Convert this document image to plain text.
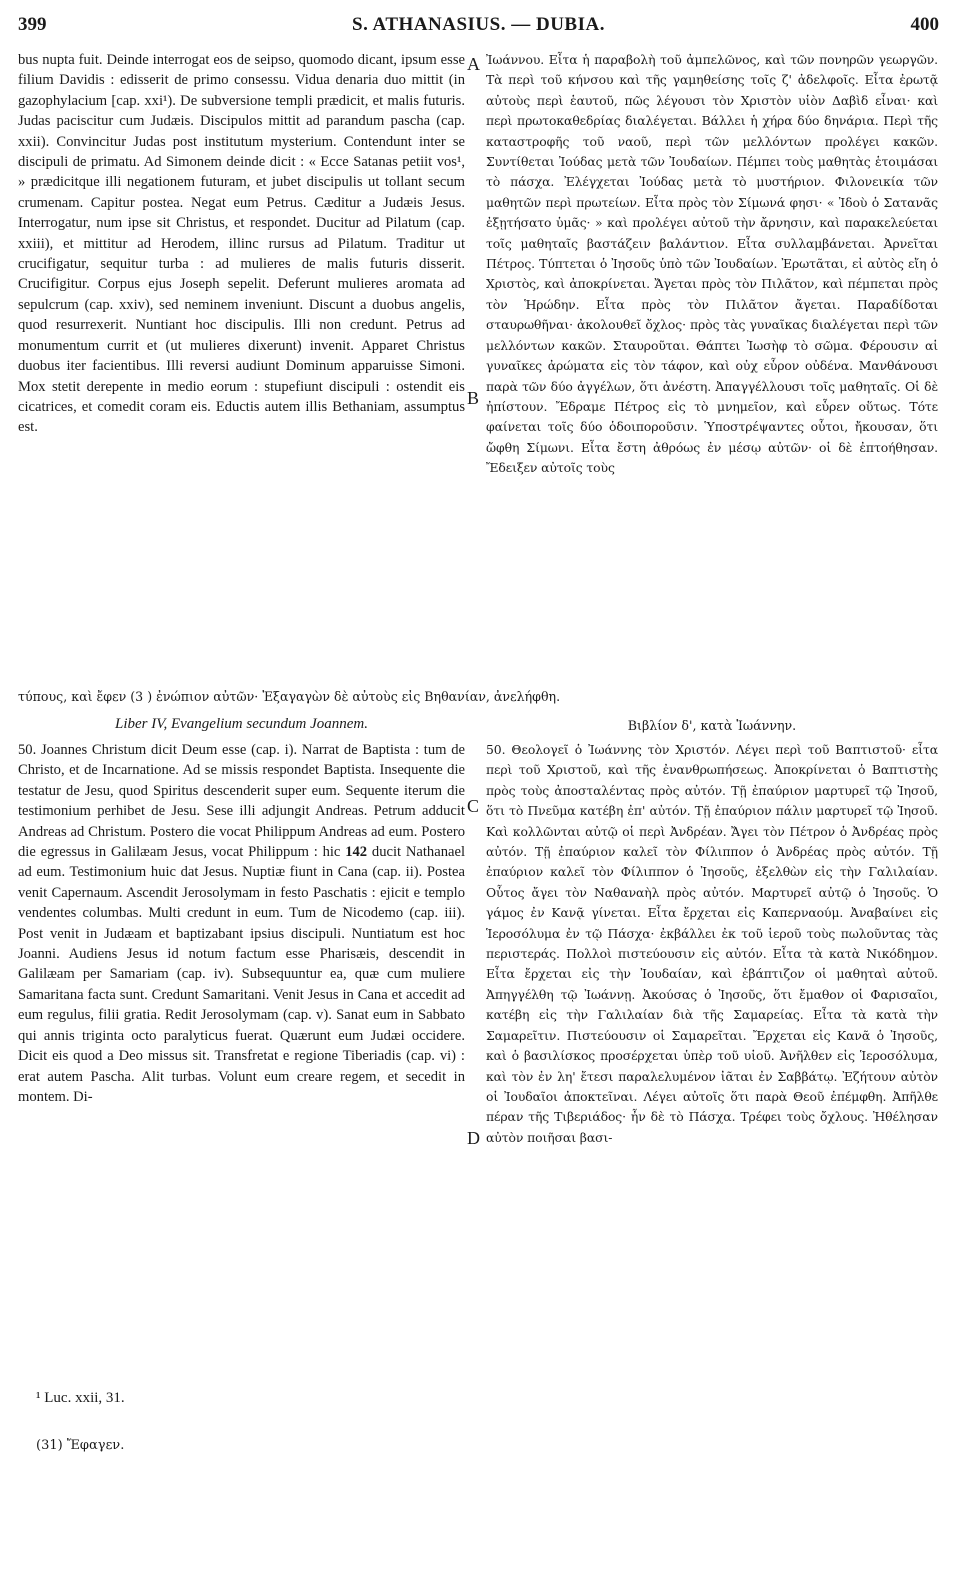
399	S. ATHANASIUS. — DUBIA.	400
A
B
C
D

bus nupta fuit. Deinde interrogat eos de seipso, quomodo dicant, ipsum esse filium Davidis : edisserit de primo consessu. Vidua denaria duo mittit (in gazophylacium [cap. xxi¹). De subversione templi prædicit, et malis futuris. Judas paciscitur cum Judæis. Discipulos mittit ad parandum pascha (cap. xxii). Convincitur Judas post institutum mysterium. Contendunt inter se discipuli de primatu. Ad Simonem deinde dicit : « Ecce Satanas petiit vos¹, » prædicitque illi negationem futuram, et jubet discipulis ut tollant secum crumenam. Capitur postea. Negat eum Petrus. Cæditur a Judæis Jesus. Interrogatur, num ipse sit Christus, et respondet. Ducitur ad Pilatum (cap. xxiii), et mittitur ad Herodem, illinc rursus ad Pilatum. Traditur ut crucifigatur, sequitur turba : ad mulieres de malis futuris disserit. Crucifigitur. Corpus ejus Joseph sepelit. Deferunt mulieres aromata ad sepulcrum (cap. xxiv), sed neminem inveniunt. Discunt a duobus angelis, quod resurrexerit. Nuntiant hoc discipulis. Illi non credunt. Petrus ad monumentum currit et (ut mulieres dixerunt) invenit. Apparet Christus duobus iter facientibus. Illi reversi audiunt Dominum apparuisse Simoni. Mox stetit derepente in medio eorum : stupefiunt discipuli : ostendit eis cicatrices, et comedit coram eis. Eductis autem illis Bethaniam, assumptus est.

Ἰωάννου. Εἶτα ἡ παραβολὴ τοῦ ἀμπελῶνος, καὶ τῶν πονηρῶν γεωργῶν. Τὰ περὶ τοῦ κήνσου καὶ τῆς γαμηθείσης τοῖς ζ' ἀδελφοῖς. Εἶτα ἐρωτᾷ αὐτοὺς περὶ ἑαυτοῦ, πῶς λέγουσι τὸν Χριστὸν υἱὸν Δαβὶδ εἶναι· καὶ περὶ πρωτοκαθεδρίας διαλέγεται. Βάλλει ἡ χήρα δύο δηνάρια. Περὶ τῆς καταστροφῆς τοῦ ναοῦ, περὶ τῶν μελλόντων προλέγει κακῶν. Συντίθεται Ἰούδας μετὰ τῶν Ἰουδαίων. Πέμπει τοὺς μαθητὰς ἑτοιμάσαι τὸ πάσχα. Ἐλέγχεται Ἰούδας μετὰ τὸ μυστήριον. Φιλονεικία τῶν μαθητῶν περὶ πρωτείων. Εἶτα πρὸς τὸν Σίμωνά φησι· « Ἰδοὺ ὁ Σατανᾶς ἐξῃτήσατο ὑμᾶς· » καὶ προλέγει αὐτοῦ τὴν ἄρνησιν, καὶ παρακελεύεται τοῖς μαθηταῖς βαστάζειν βαλάντιον. Εἶτα συλλαμβάνεται. Ἀρνεῖται Πέτρος. Τύπτεται ὁ Ἰησοῦς ὑπὸ τῶν Ἰουδαίων. Ἐρωτᾶται, εἰ αὐτὸς εἴη ὁ Χριστὸς, καὶ ἀποκρίνεται. Ἄγεται πρὸς τὸν Πιλᾶτον, καὶ πέμπεται πρὸς τὸν Ἡρώδην. Εἶτα πρὸς τὸν Πιλᾶτον ἄγεται. Παραδίδοται σταυρωθῆναι· ἀκολουθεῖ ὄχλος· πρὸς τὰς γυναῖκας διαλέγεται περὶ τῶν μελλόντων κακῶν. Σταυροῦται. Θάπτει Ἰωσὴφ τὸ σῶμα. Φέρουσιν αἱ γυναῖκες ἀρώματα εἰς τὸν τάφον, καὶ οὐχ εὗρον οὐδένα. Μανθάνουσι παρὰ τῶν δύο ἀγγέλων, ὅτι ἀνέστη. Ἀπαγγέλλουσι τοῖς μαθηταῖς. Οἱ δὲ ἠπίστουν. Ἔδραμε Πέτρος εἰς τὸ μνημεῖον, καὶ εὗρεν οὕτως. Τότε φαίνεται τοῖς δύο ὁδοιποροῦσιν. Ὑποστρέψαντες οὗτοι, ἤκουσαν, ὅτι ὤφθη Σίμωνι. Εἶτα ἔστη ἀθρόως ἐν μέσῳ αὐτῶν· οἱ δὲ ἐπτοήθησαν. Ἔδειξεν αὐτοῖς τοὺς

τύπους, καὶ ἔφεν (3 ) ἐνώπιον αὐτῶν· Ἐξαγαγὼν δὲ αὐτοὺς εἰς Βηθανίαν, ἀνελήφθη.
Liber IV, Evangelium secundum Joannem.	Βιβλίον δ', κατὰ Ἰωάννην.

50. Joannes Christum dicit Deum esse (cap. i). Narrat de Baptista : tum de Christo, et de Incarnatione. Ad se missis respondet Baptista. Insequente die testatur de Jesu, quod Spiritus descenderit super eum. Sequente iterum die testimonium perhibet de Jesu. Sese illi adjungit Andreas. Petrum adducit Andreas ad Christum. Postero die vocat Philippum Andreas ad eum. Postero die egressus in Galilæam Jesus, vocat Philippum : hic 142 ducit Nathanael ad eum. Testimonium huic dat Jesus. Nuptiæ fiunt in Cana (cap. ii). Postea venit Capernaum. Ascendit Jerosolymam in festo Paschatis : ejicit e templo vendentes columbas. Multi credunt in eum. Tum de Nicodemo (cap. iii). Post venit in Judæam et baptizabant ipsius discipuli. Nuntiatum est hoc Joanni. Audiens Jesus id notum factum esse Pharisæis, descendit in Galilæam per Samariam (cap. iv). Subsequuntur ea, quæ cum muliere Samaritana facta sunt. Credunt Samaritani. Venit Jesus in Cana et accedit ad eum regulus, filii gratia. Redit Jerosolymam (cap. v). Sanat eum in Sabbato qui annis triginta octo paralyticus fuerat. Quærunt eum Judæi occidere. Dicit eis quod a Deo missus sit. Transfretat e regione Tiberiadis (cap. vi) : erat autem Pascha. Alit turbas. Volunt eum creare regem, et secedit in montem. Di-

50. Θεολογεῖ ὁ Ἰωάννης τὸν Χριστόν. Λέγει περὶ τοῦ Βαπτιστοῦ· εἶτα περὶ τοῦ Χριστοῦ, καὶ τῆς ἐνανθρωπήσεως. Ἀποκρίνεται ὁ Βαπτιστὴς πρὸς τοὺς ἀποσταλέντας πρὸς αὐτόν. Τῇ ἐπαύριον μαρτυρεῖ τῷ Ἰησοῦ, ὅτι τὸ Πνεῦμα κατέβη ἐπ' αὐτόν. Τῇ ἐπαύριον πάλιν μαρτυρεῖ τῷ Ἰησοῦ. Καὶ κολλῶνται αὐτῷ οἱ περὶ Ἀνδρέαν. Ἄγει τὸν Πέτρον ὁ Ἀνδρέας πρὸς αὐτόν. Τῇ ἐπαύριον καλεῖ τὸν Φίλιππον ὁ Ἀνδρέας πρὸς αὐτόν. Τῇ ἐπαύριον καλεῖ τὸν Φίλιππον ὁ Ἰησοῦς, ἐξελθὼν εἰς τὴν Γαλιλαίαν. Οὗτος ἄγει τὸν Ναθαναὴλ πρὸς αὐτόν. Μαρτυρεῖ αὐτῷ ὁ Ἰησοῦς. Ὁ γάμος ἐν Κανᾷ γίνεται. Εἶτα ἔρχεται εἰς Καπερναούμ. Ἀναβαίνει εἰς Ἱεροσόλυμα ἐν τῷ Πάσχα· ἐκβάλλει ἐκ τοῦ ἱεροῦ τοὺς πωλοῦντας τὰς περιστεράς. Πολλοὶ πιστεύουσιν εἰς αὐτόν. Εἶτα τὰ κατὰ Νικόδημον. Εἶτα ἔρχεται εἰς τὴν Ἰουδαίαν, καὶ ἐβάπτιζον οἱ μαθηταὶ αὐτοῦ. Ἀπηγγέλθη τῷ Ἰωάννῃ. Ἀκούσας ὁ Ἰησοῦς, ὅτι ἔμαθον οἱ Φαρισαῖοι, κατέβη εἰς τὴν Γαλιλαίαν διὰ τῆς Σαμαρείας. Εἶτα τὰ κατὰ τὴν Σαμαρεῖτιν. Πιστεύουσιν οἱ Σαμαρεῖται. Ἔρχεται εἰς Κανᾶ ὁ Ἰησοῦς, καὶ ὁ βασιλίσκος προσέρχεται ὑπὲρ τοῦ υἱοῦ. Ἀνῆλθεν εἰς Ἱεροσόλυμα, καὶ τὸν ἐν λη' ἔτεσι παραλελυμένον ἰᾶται ἐν Σαββάτῳ. Ἐζήτουν αὐτὸν οἱ Ἰουδαῖοι ἀποκτεῖναι. Λέγει αὐτοῖς ὅτι παρὰ Θεοῦ ἐπέμφθη. Ἀπῆλθε πέραν τῆς Τιβεριάδος· ἦν δὲ τὸ Πάσχα. Τρέφει τοὺς ὄχλους. Ἠθέλησαν αὐτὸν ποιῆσαι βασι-

¹ Luc. xxii, 31.
(31) Ἔφαγεν.
